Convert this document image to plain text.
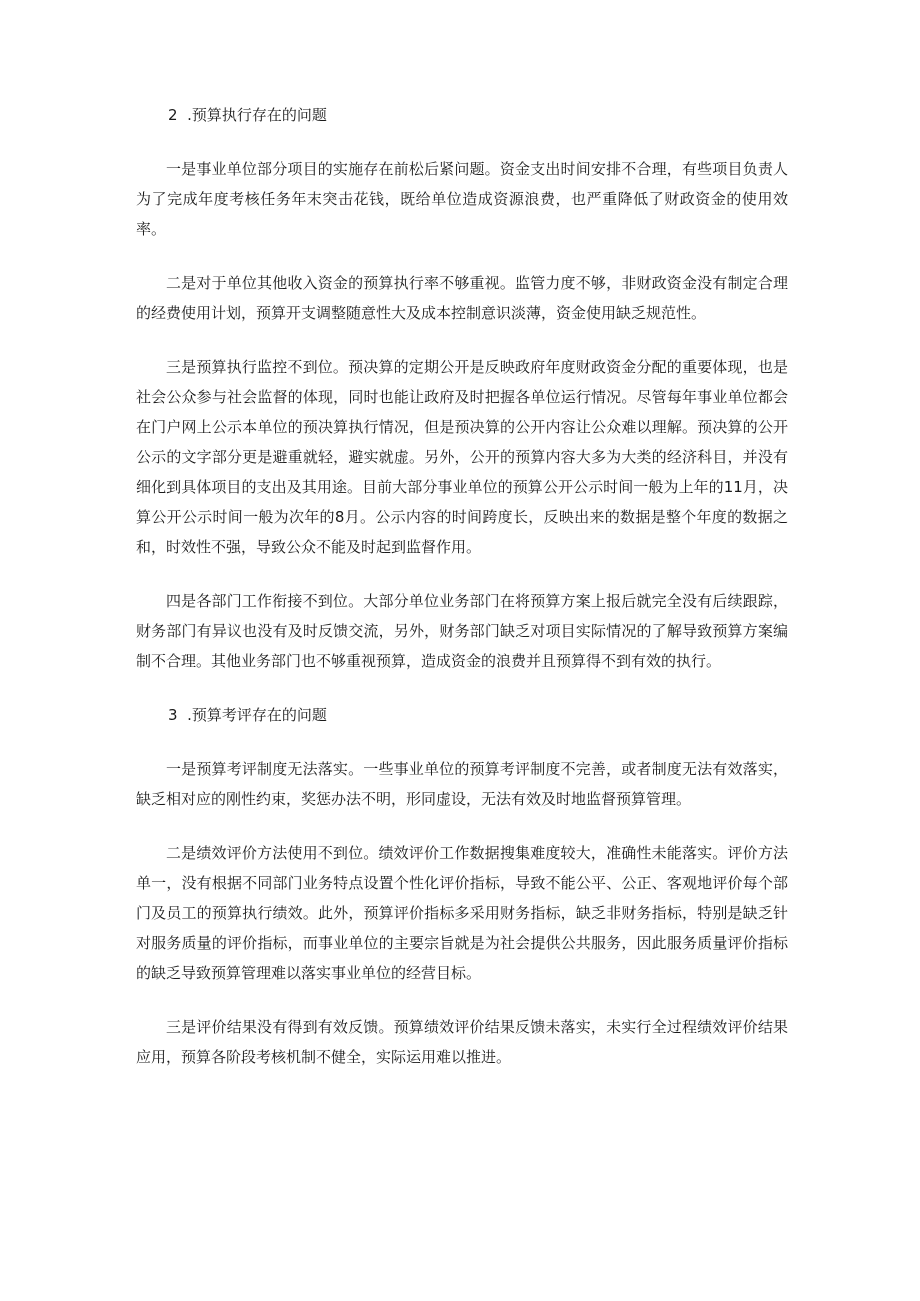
2  .预算执行存在的问题

一是事业单位部分项目的实施存在前松后紧问题。资金支出时间安排不合理，有些项目负责人为了完成年度考核任务年末突击花钱，既给单位造成资源浪费，也严重降低了财政资金的使用效率。

二是对于单位其他收入资金的预算执行率不够重视。监管力度不够，非财政资金没有制定合理的经费使用计划，预算开支调整随意性大及成本控制意识淡薄，资金使用缺乏规范性。

三是预算执行监控不到位。预决算的定期公开是反映政府年度财政资金分配的重要体现，也是社会公众参与社会监督的体现，同时也能让政府及时把握各单位运行情况。尽管每年事业单位都会在门户网上公示本单位的预决算执行情况，但是预决算的公开内容让公众难以理解。预决算的公开公示的文字部分更是避重就轻，避实就虚。另外，公开的预算内容大多为大类的经济科目，并没有细化到具体项目的支出及其用途。目前大部分事业单位的预算公开公示时间一般为上年的11月，决算公开公示时间一般为次年的8月。公示内容的时间跨度长，反映出来的数据是整个年度的数据之和，时效性不强，导致公众不能及时起到监督作用。

四是各部门工作衔接不到位。大部分单位业务部门在将预算方案上报后就完全没有后续跟踪，财务部门有异议也没有及时反馈交流，另外，财务部门缺乏对项目实际情况的了解导致预算方案编制不合理。其他业务部门也不够重视预算，造成资金的浪费并且预算得不到有效的执行。

3  .预算考评存在的问题

一是预算考评制度无法落实。一些事业单位的预算考评制度不完善，或者制度无法有效落实，缺乏相对应的刚性约束，奖惩办法不明，形同虚设，无法有效及时地监督预算管理。

二是绩效评价方法使用不到位。绩效评价工作数据搜集难度较大，准确性未能落实。评价方法单一，没有根据不同部门业务特点设置个性化评价指标，导致不能公平、公正、客观地评价每个部门及员工的预算执行绩效。此外，预算评价指标多采用财务指标，缺乏非财务指标，特别是缺乏针对服务质量的评价指标，而事业单位的主要宗旨就是为社会提供公共服务，因此服务质量评价指标的缺乏导致预算管理难以落实事业单位的经营目标。

三是评价结果没有得到有效反馈。预算绩效评价结果反馈未落实，未实行全过程绩效评价结果应用，预算各阶段考核机制不健全，实际运用难以推进。
